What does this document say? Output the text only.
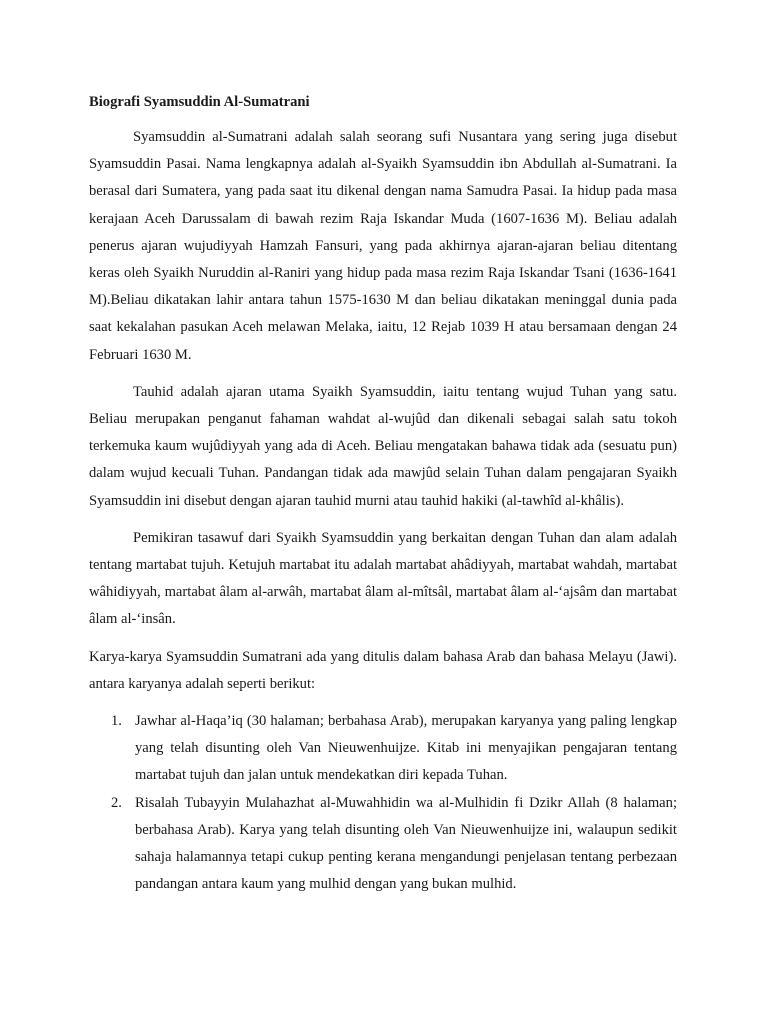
Biografi Syamsuddin Al-Sumatrani

Syamsuddin al-Sumatrani adalah salah seorang sufi Nusantara yang sering juga disebut Syamsuddin Pasai. Nama lengkapnya adalah al-Syaikh Syamsuddin ibn Abdullah al-Sumatrani. Ia berasal dari Sumatera, yang pada saat itu dikenal dengan nama Samudra Pasai. Ia hidup pada masa kerajaan Aceh Darussalam di bawah rezim Raja Iskandar Muda (1607-1636 M). Beliau adalah penerus ajaran wujudiyyah Hamzah Fansuri, yang pada akhirnya ajaran-ajaran beliau ditentang keras oleh Syaikh Nuruddin al-Raniri yang hidup pada masa rezim Raja Iskandar Tsani (1636-1641 M).Beliau dikatakan lahir antara tahun 1575-1630 M dan beliau dikatakan meninggal dunia pada saat kekalahan pasukan Aceh melawan Melaka, iaitu, 12 Rejab 1039 H atau bersamaan dengan 24 Februari 1630 M.

Tauhid adalah ajaran utama Syaikh Syamsuddin, iaitu tentang wujud Tuhan yang satu. Beliau merupakan penganut fahaman wahdat al-wujûd dan dikenali sebagai salah satu tokoh terkemuka kaum wujûdiyyah yang ada di Aceh. Beliau mengatakan bahawa tidak ada (sesuatu pun) dalam wujud kecuali Tuhan. Pandangan tidak ada mawjûd selain Tuhan dalam pengajaran Syaikh Syamsuddin ini disebut dengan ajaran tauhid murni atau tauhid hakiki (al-tawhîd al-khâlis).

Pemikiran tasawuf dari Syaikh Syamsuddin yang berkaitan dengan Tuhan dan alam adalah tentang martabat tujuh. Ketujuh martabat itu adalah martabat ahâdiyyah, martabat wahdah, martabat wâhidiyyah, martabat âlam al-arwâh, martabat âlam al-mîtsâl, martabat âlam al-‘ajsâm dan martabat âlam al-‘insân.

Karya-karya Syamsuddin Sumatrani ada yang ditulis dalam bahasa Arab dan bahasa Melayu (Jawi). antara karyanya adalah seperti berikut:

1. Jawhar al-Haqa’iq (30 halaman; berbahasa Arab), merupakan karyanya yang paling lengkap yang telah disunting oleh Van Nieuwenhuijze. Kitab ini menyajikan pengajaran tentang martabat tujuh dan jalan untuk mendekatkan diri kepada Tuhan.
2. Risalah Tubayyin Mulahazhat al-Muwahhidin wa al-Mulhidin fi Dzikr Allah (8 halaman; berbahasa Arab). Karya yang telah disunting oleh Van Nieuwenhuijze ini, walaupun sedikit sahaja halamannya tetapi cukup penting kerana mengandungi penjelasan tentang perbezaan pandangan antara kaum yang mulhid dengan yang bukan mulhid.
